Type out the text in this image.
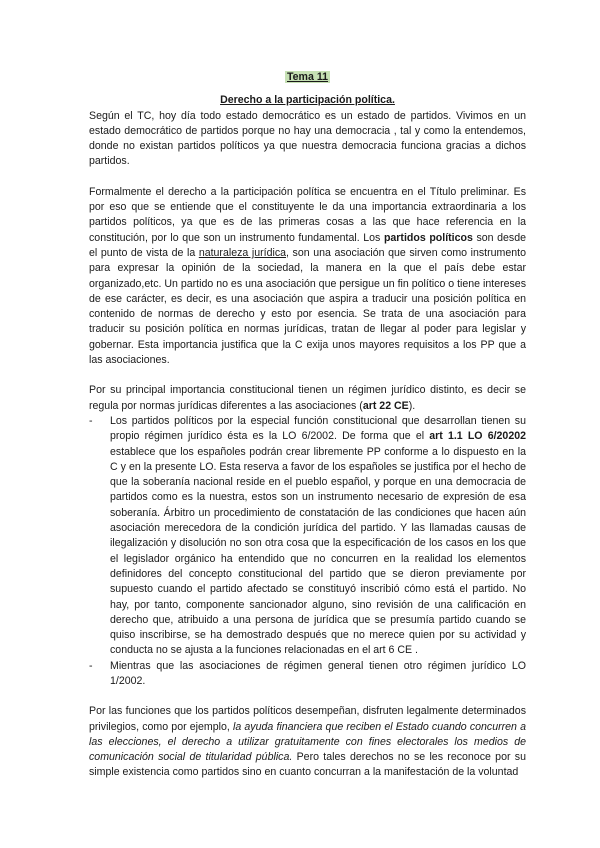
Tema 11

Derecho a la participación política.

Según el TC, hoy día todo estado democrático es un estado de partidos. Vivimos en un estado democrático de partidos porque no hay una democracia , tal y como la entendemos, donde no existan partidos políticos ya que nuestra democracia funciona gracias a dichos partidos.

Formalmente el derecho a la participación política se encuentra en el Título preliminar. Es por eso que se entiende que el constituyente le da una importancia extraordinaria a los partidos políticos, ya que es de las primeras cosas a las que hace referencia en la constitución, por lo que son un instrumento fundamental. Los partidos políticos son desde el punto de vista de la naturaleza jurídica, son una asociación que sirven como instrumento para expresar la opinión de la sociedad, la manera en la que el país debe estar organizado,etc. Un partido no es una asociación que persigue un fin político o tiene intereses de ese carácter, es decir, es una asociación que aspira a traducir una posición política en contenido de normas de derecho y esto por esencia. Se trata de una asociación para traducir su posición política en normas jurídicas, tratan de llegar al poder para legislar y gobernar. Esta importancia justifica que la C exija unos mayores requisitos a los PP que a las asociaciones.

Por su principal importancia constitucional tienen un régimen jurídico distinto, es decir se regula por normas jurídicas diferentes a las asociaciones (art 22 CE).

- Los partidos políticos por la especial función constitucional que desarrollan tienen su propio régimen jurídico ésta es la LO 6/2002. De forma que el art 1.1 LO 6/20202 establece que los españoles podrán crear libremente PP conforme a lo dispuesto en la C y en la presente LO. Esta reserva a favor de los españoles se justifica por el hecho de que la soberanía nacional reside en el pueblo español, y porque en una democracia de partidos como es la nuestra, estos son un instrumento necesario de expresión de esa soberanía. Árbitro un procedimiento de constatación de las condiciones que hacen aún asociación merecedora de la condición jurídica del partido. Y las llamadas causas de ilegalización y disolución no son otra cosa que la especificación de los casos en los que el legislador orgánico ha entendido que no concurren en la realidad los elementos definidores del concepto constitucional del partido que se dieron previamente por supuesto cuando el partido afectado se constituyó inscribió cómo está el partido. No hay, por tanto, componente sancionador alguno, sino revisión de una calificación en derecho que, atribuido a una persona de jurídica que se presumía partido cuando se quiso inscribirse, se ha demostrado después que no merece quien por su actividad y conducta no se ajusta a la funciones relacionadas en el art 6 CE .
- Mientras que las asociaciones de régimen general tienen otro régimen jurídico LO 1/2002.

Por las funciones que los partidos políticos desempeñan, disfruten legalmente determinados privilegios, como por ejemplo, la ayuda financiera que reciben el Estado cuando concurren a las elecciones, el derecho a utilizar gratuitamente con fines electorales los medios de comunicación social de titularidad pública. Pero tales derechos no se les reconoce por su simple existencia como partidos sino en cuanto concurran a la manifestación de la voluntad
